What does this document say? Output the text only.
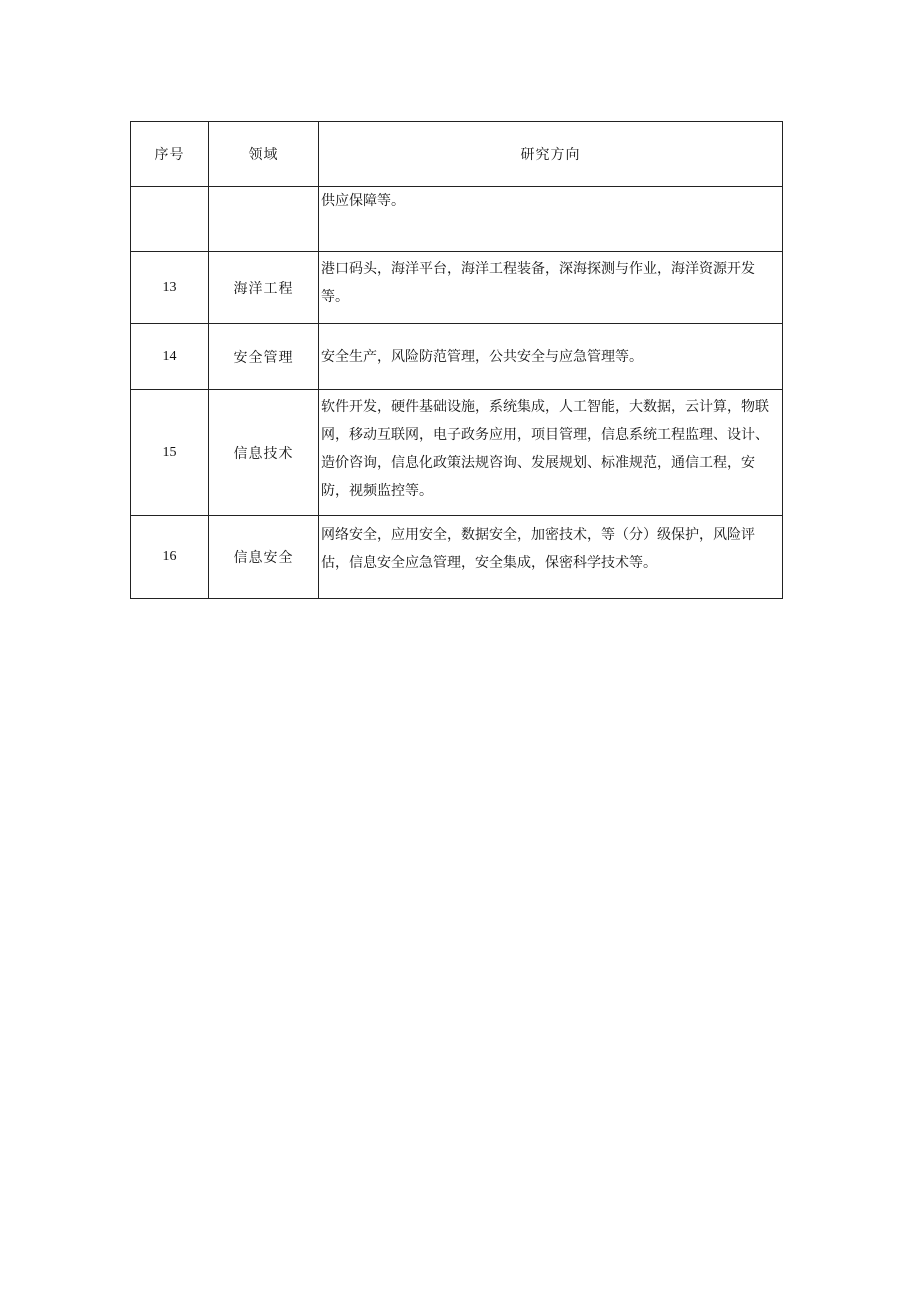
序号	领域	研究方向
		供应保障等。
13	海洋工程	港口码头，海洋平台，海洋工程装备，深海探测与作业，海洋资源开发等。
14	安全管理	安全生产，风险防范管理，公共安全与应急管理等。
15	信息技术	软件开发，硬件基础设施，系统集成，人工智能，大数据，云计算，物联网，移动互联网，电子政务应用，项目管理，信息系统工程监理、设计、造价咨询，信息化政策法规咨询、发展规划、标准规范，通信工程，安防，视频监控等。
16	信息安全	网络安全，应用安全，数据安全，加密技术，等（分）级保护，风险评估，信息安全应急管理，安全集成，保密科学技术等。
